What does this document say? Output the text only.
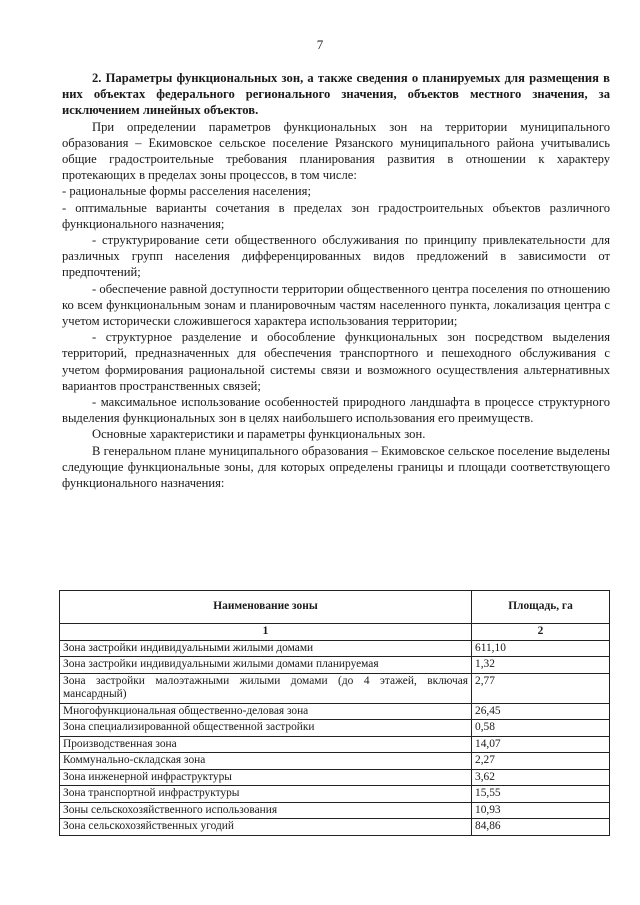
7

2. Параметры функциональных зон, а также сведения о планируемых для размещения в них объектах федерального регионального значения, объектов местного значения, за исключением линейных объектов.

При определении параметров функциональных зон на территории муниципального образования – Екимовское сельское поселение Рязанского муниципального района учитывались общие градостроительные требования планирования развития в отношении к характеру протекающих в пределах зоны процессов, в том числе:

- рациональные формы расселения населения;

- оптимальные варианты сочетания в пределах зон градостроительных объектов различного функционального назначения;

- структурирование сети общественного обслуживания по принципу привлекательности для различных групп населения дифференцированных видов предложений в зависимости от предпочтений;

- обеспечение равной доступности территории общественного центра поселения по отношению ко всем функциональным зонам и планировочным частям населенного пункта, локализация центра с учетом исторически сложившегося характера использования территории;

- структурное разделение и обособление функциональных зон посредством выделения территорий, предназначенных для обеспечения транспортного и пешеходного обслуживания с учетом формирования рациональной системы связи и возможного осуществления альтернативных вариантов пространственных связей;

- максимальное использование особенностей природного ландшафта в процессе структурного выделения функциональных зон в целях наибольшего использования его преимуществ.

Основные характеристики и параметры функциональных зон.

В генеральном плане муниципального образования – Екимовское сельское поселение выделены следующие функциональные зоны, для которых определены границы и площади соответствующего функционального назначения:

Наименование зоны	Площадь, га
1	2
Зона застройки индивидуальными жилыми домами	611,10
Зона застройки индивидуальными жилыми домами планируемая	1,32
Зона застройки малоэтажными жилыми домами (до 4 этажей, включая мансардный)	2,77
Многофункциональная общественно-деловая зона	26,45
Зона специализированной общественной застройки	0,58
Производственная зона	14,07
Коммунально-складская зона	2,27
Зона инженерной инфраструктуры	3,62
Зона транспортной инфраструктуры	15,55
Зоны сельскохозяйственного использования	10,93
Зона сельскохозяйственных угодий	84,86
